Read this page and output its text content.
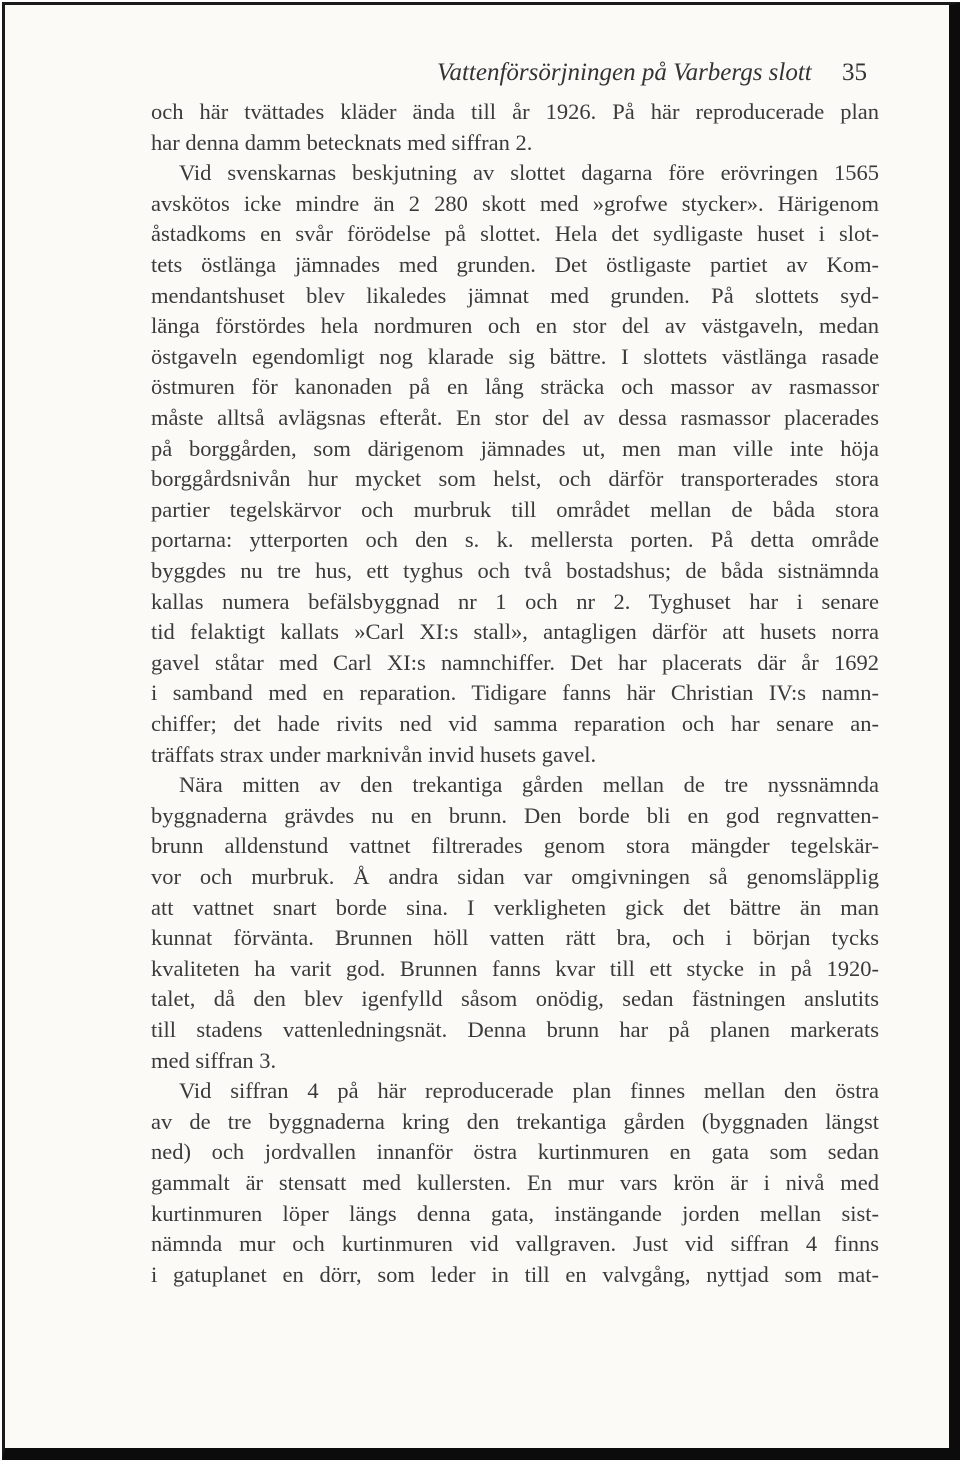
Vattenförsörjningen på Varbergs slott 35
och här tvättades kläder ända till år 1926. På här reproducerade plan
har denna damm betecknats med siffran 2.
Vid svenskarnas beskjutning av slottet dagarna före erövringen 1565
avskötos icke mindre än 2 280 skott med »grofwe stycker». Härigenom
åstadkoms en svår förödelse på slottet. Hela det sydligaste huset i slot-
tets östlänga jämnades med grunden. Det östligaste partiet av Kom-
mendantshuset blev likaledes jämnat med grunden. På slottets syd-
länga förstördes hela nordmuren och en stor del av västgaveln, medan
östgaveln egendomligt nog klarade sig bättre. I slottets västlänga rasade
östmuren för kanonaden på en lång sträcka och massor av rasmassor
måste alltså avlägsnas efteråt. En stor del av dessa rasmassor placerades
på borggården, som därigenom jämnades ut, men man ville inte höja
borggårdsnivån hur mycket som helst, och därför transporterades stora
partier tegelskärvor och murbruk till området mellan de båda stora
portarna: ytterporten och den s. k. mellersta porten. På detta område
byggdes nu tre hus, ett tyghus och två bostadshus; de båda sistnämnda
kallas numera befälsbyggnad nr 1 och nr 2. Tyghuset har i senare
tid felaktigt kallats »Carl XI:s stall», antagligen därför att husets norra
gavel ståtar med Carl XI:s namnchiffer. Det har placerats där år 1692
i samband med en reparation. Tidigare fanns här Christian IV:s namn-
chiffer; det hade rivits ned vid samma reparation och har senare an-
träffats strax under marknivån invid husets gavel.
Nära mitten av den trekantiga gården mellan de tre nyssnämnda
byggnaderna grävdes nu en brunn. Den borde bli en god regnvatten-
brunn alldenstund vattnet filtrerades genom stora mängder tegelskär-
vor och murbruk. Å andra sidan var omgivningen så genomsläpplig
att vattnet snart borde sina. I verkligheten gick det bättre än man
kunnat förvänta. Brunnen höll vatten rätt bra, och i början tycks
kvaliteten ha varit god. Brunnen fanns kvar till ett stycke in på 1920-
talet, då den blev igenfylld såsom onödig, sedan fästningen anslutits
till stadens vattenledningsnät. Denna brunn har på planen markerats
med siffran 3.
Vid siffran 4 på här reproducerade plan finnes mellan den östra
av de tre byggnaderna kring den trekantiga gården (byggnaden längst
ned) och jordvallen innanför östra kurtinmuren en gata som sedan
gammalt är stensatt med kullersten. En mur vars krön är i nivå med
kurtinmuren löper längs denna gata, instängande jorden mellan sist-
nämnda mur och kurtinmuren vid vallgraven. Just vid siffran 4 finns
i gatuplanet en dörr, som leder in till en valvgång, nyttjad som mat-
